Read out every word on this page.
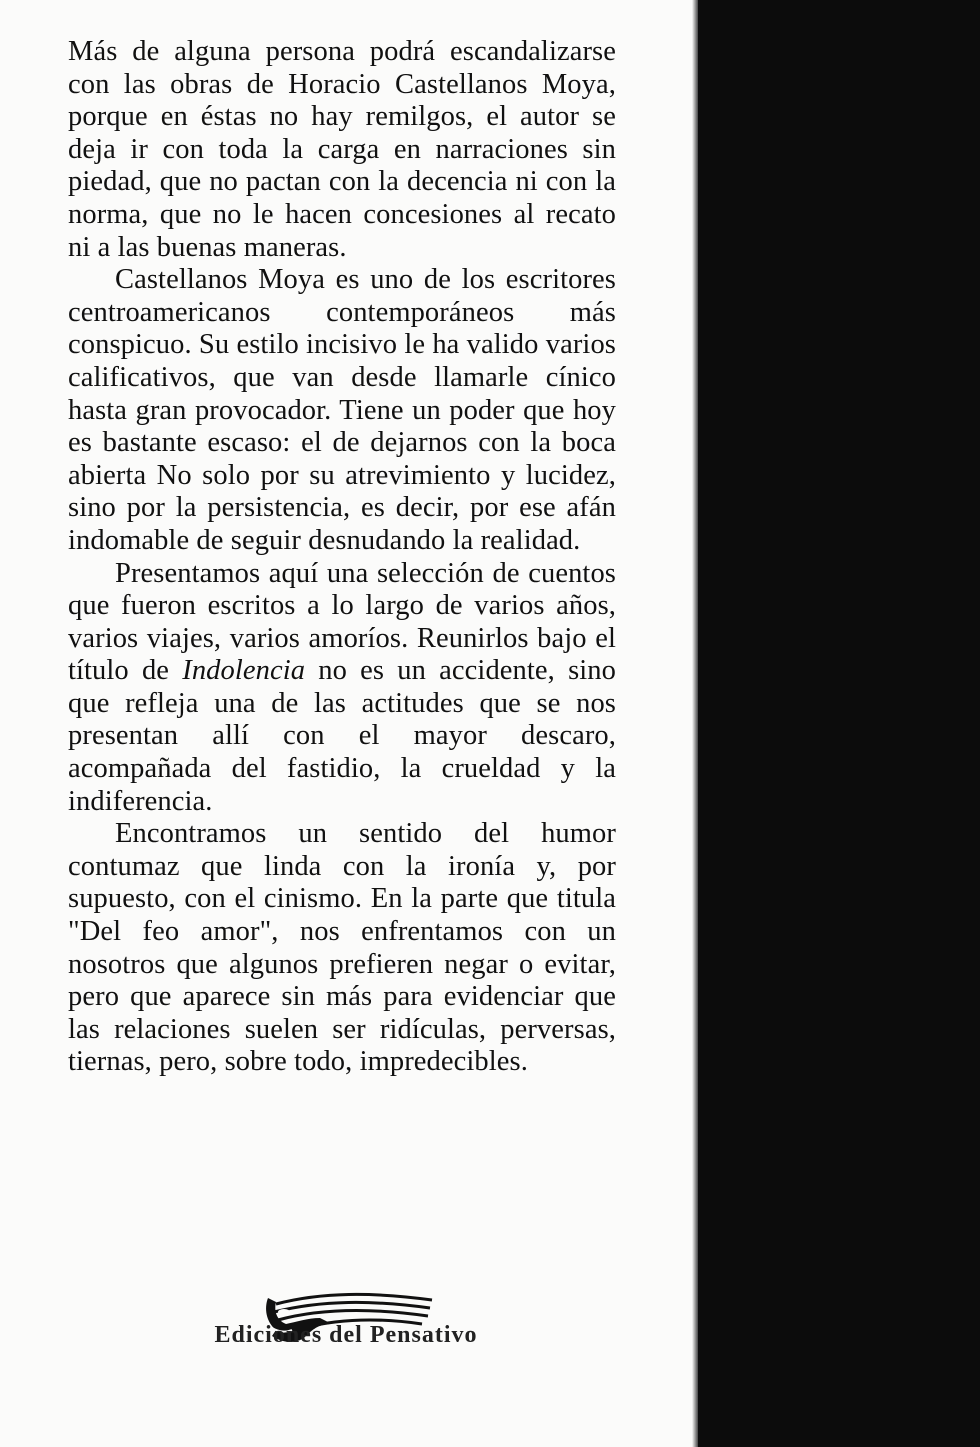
Más de alguna persona podrá escandalizarse con las obras de Horacio Castellanos Moya, porque en éstas no hay remilgos, el autor se deja ir con toda la carga en narraciones sin piedad, que no pactan con la decencia ni con la norma, que no le hacen concesiones al recato ni a las buenas maneras.

Castellanos Moya es uno de los escritores centroamericanos contemporáneos más conspicuo. Su estilo incisivo le ha valido varios calificativos, que van desde llamarle cínico hasta gran provocador. Tiene un poder que hoy es bastante escaso: el de dejarnos con la boca abierta No solo por su atrevimiento y lucidez, sino por la persistencia, es decir, por ese afán indomable de seguir desnudando la realidad.

Presentamos aquí una selección de cuentos que fueron escritos a lo largo de varios años, varios viajes, varios amoríos. Reunirlos bajo el título de Indolencia no es un accidente, sino que refleja una de las actitudes que se nos presentan allí con el mayor descaro, acompañada del fastidio, la crueldad y la indiferencia.

Encontramos un sentido del humor contumaz que linda con la ironía y, por supuesto, con el cinismo. En la parte que titula "Del feo amor", nos enfrentamos con un nosotros que algunos prefieren negar o evitar, pero que aparece sin más para evidenciar que las relaciones suelen ser ridículas, perversas, tiernas, pero, sobre todo, impredecibles.

Ediciones del Pensativo
